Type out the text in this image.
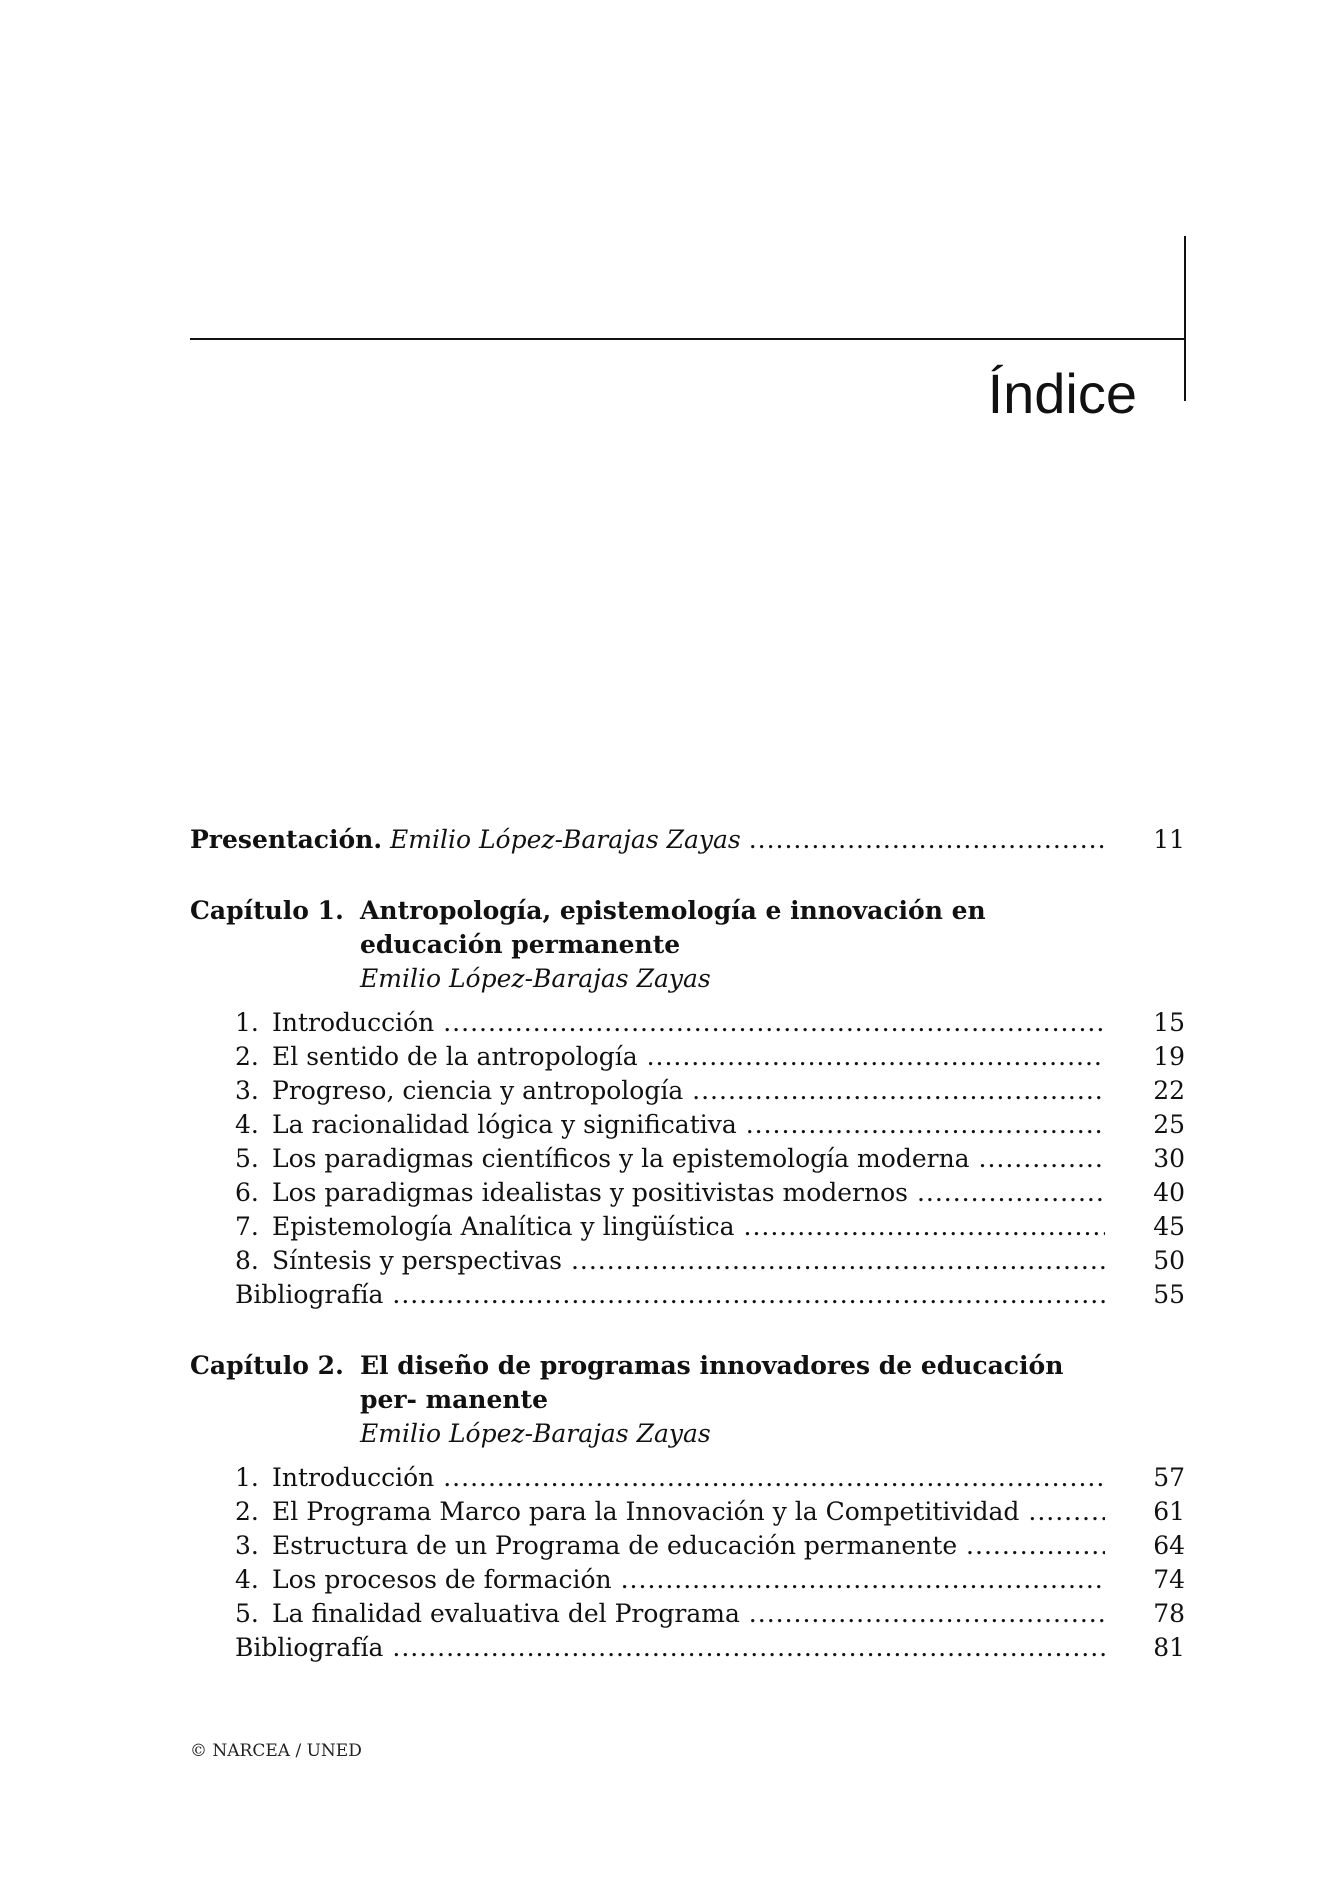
Índice
Presentación. Emilio López-Barajas Zayas .....	11
Capítulo 1. Antropología, epistemología e innovación en educación permanente
Emilio López-Barajas Zayas
1. Introducción .....	15
2. El sentido de la antropología .....	19
3. Progreso, ciencia y antropología .....	22
4. La racionalidad lógica y significativa .....	25
5. Los paradigmas científicos y la epistemología moderna .....	30
6. Los paradigmas idealistas y positivistas modernos .....	40
7. Epistemología Analítica y lingüística .....	45
8. Síntesis y perspectivas .....	50
Bibliografía .....	55
Capítulo 2. El diseño de programas innovadores de educación per- manente
Emilio López-Barajas Zayas
1. Introducción .....	57
2. El Programa Marco para la Innovación y la Competitividad .....	61
3. Estructura de un Programa de educación permanente .....	64
4. Los procesos de formación .....	74
5. La finalidad evaluativa del Programa .....	78
Bibliografía .....	81
© NARCEA / UNED
